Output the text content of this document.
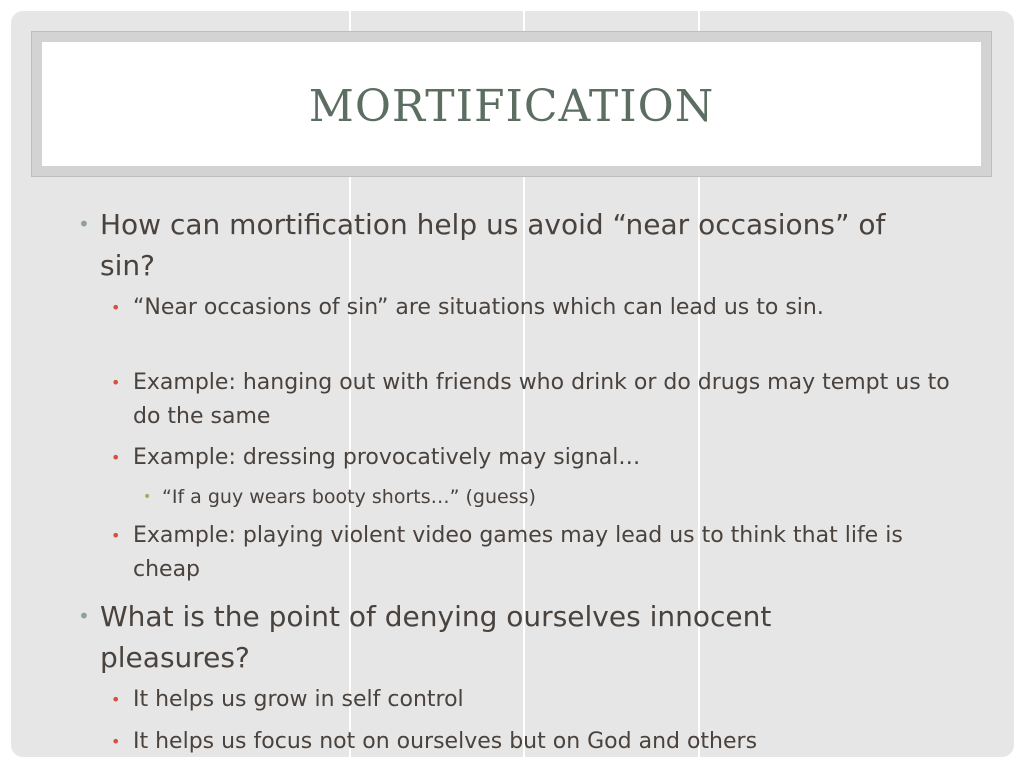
MORTIFICATION
• How can mortification help us avoid “near occasions” of sin?
• “Near occasions of sin” are situations which can lead us to sin.
• Example: hanging out with friends who drink or do drugs may tempt us to do the same
• Example: dressing provocatively may signal…
• “If a guy wears booty shorts…” (guess)
• Example: playing violent video games may lead us to think that life is cheap
• What is the point of denying ourselves innocent pleasures?
• It helps us grow in self control
• It helps us focus not on ourselves but on God and others
